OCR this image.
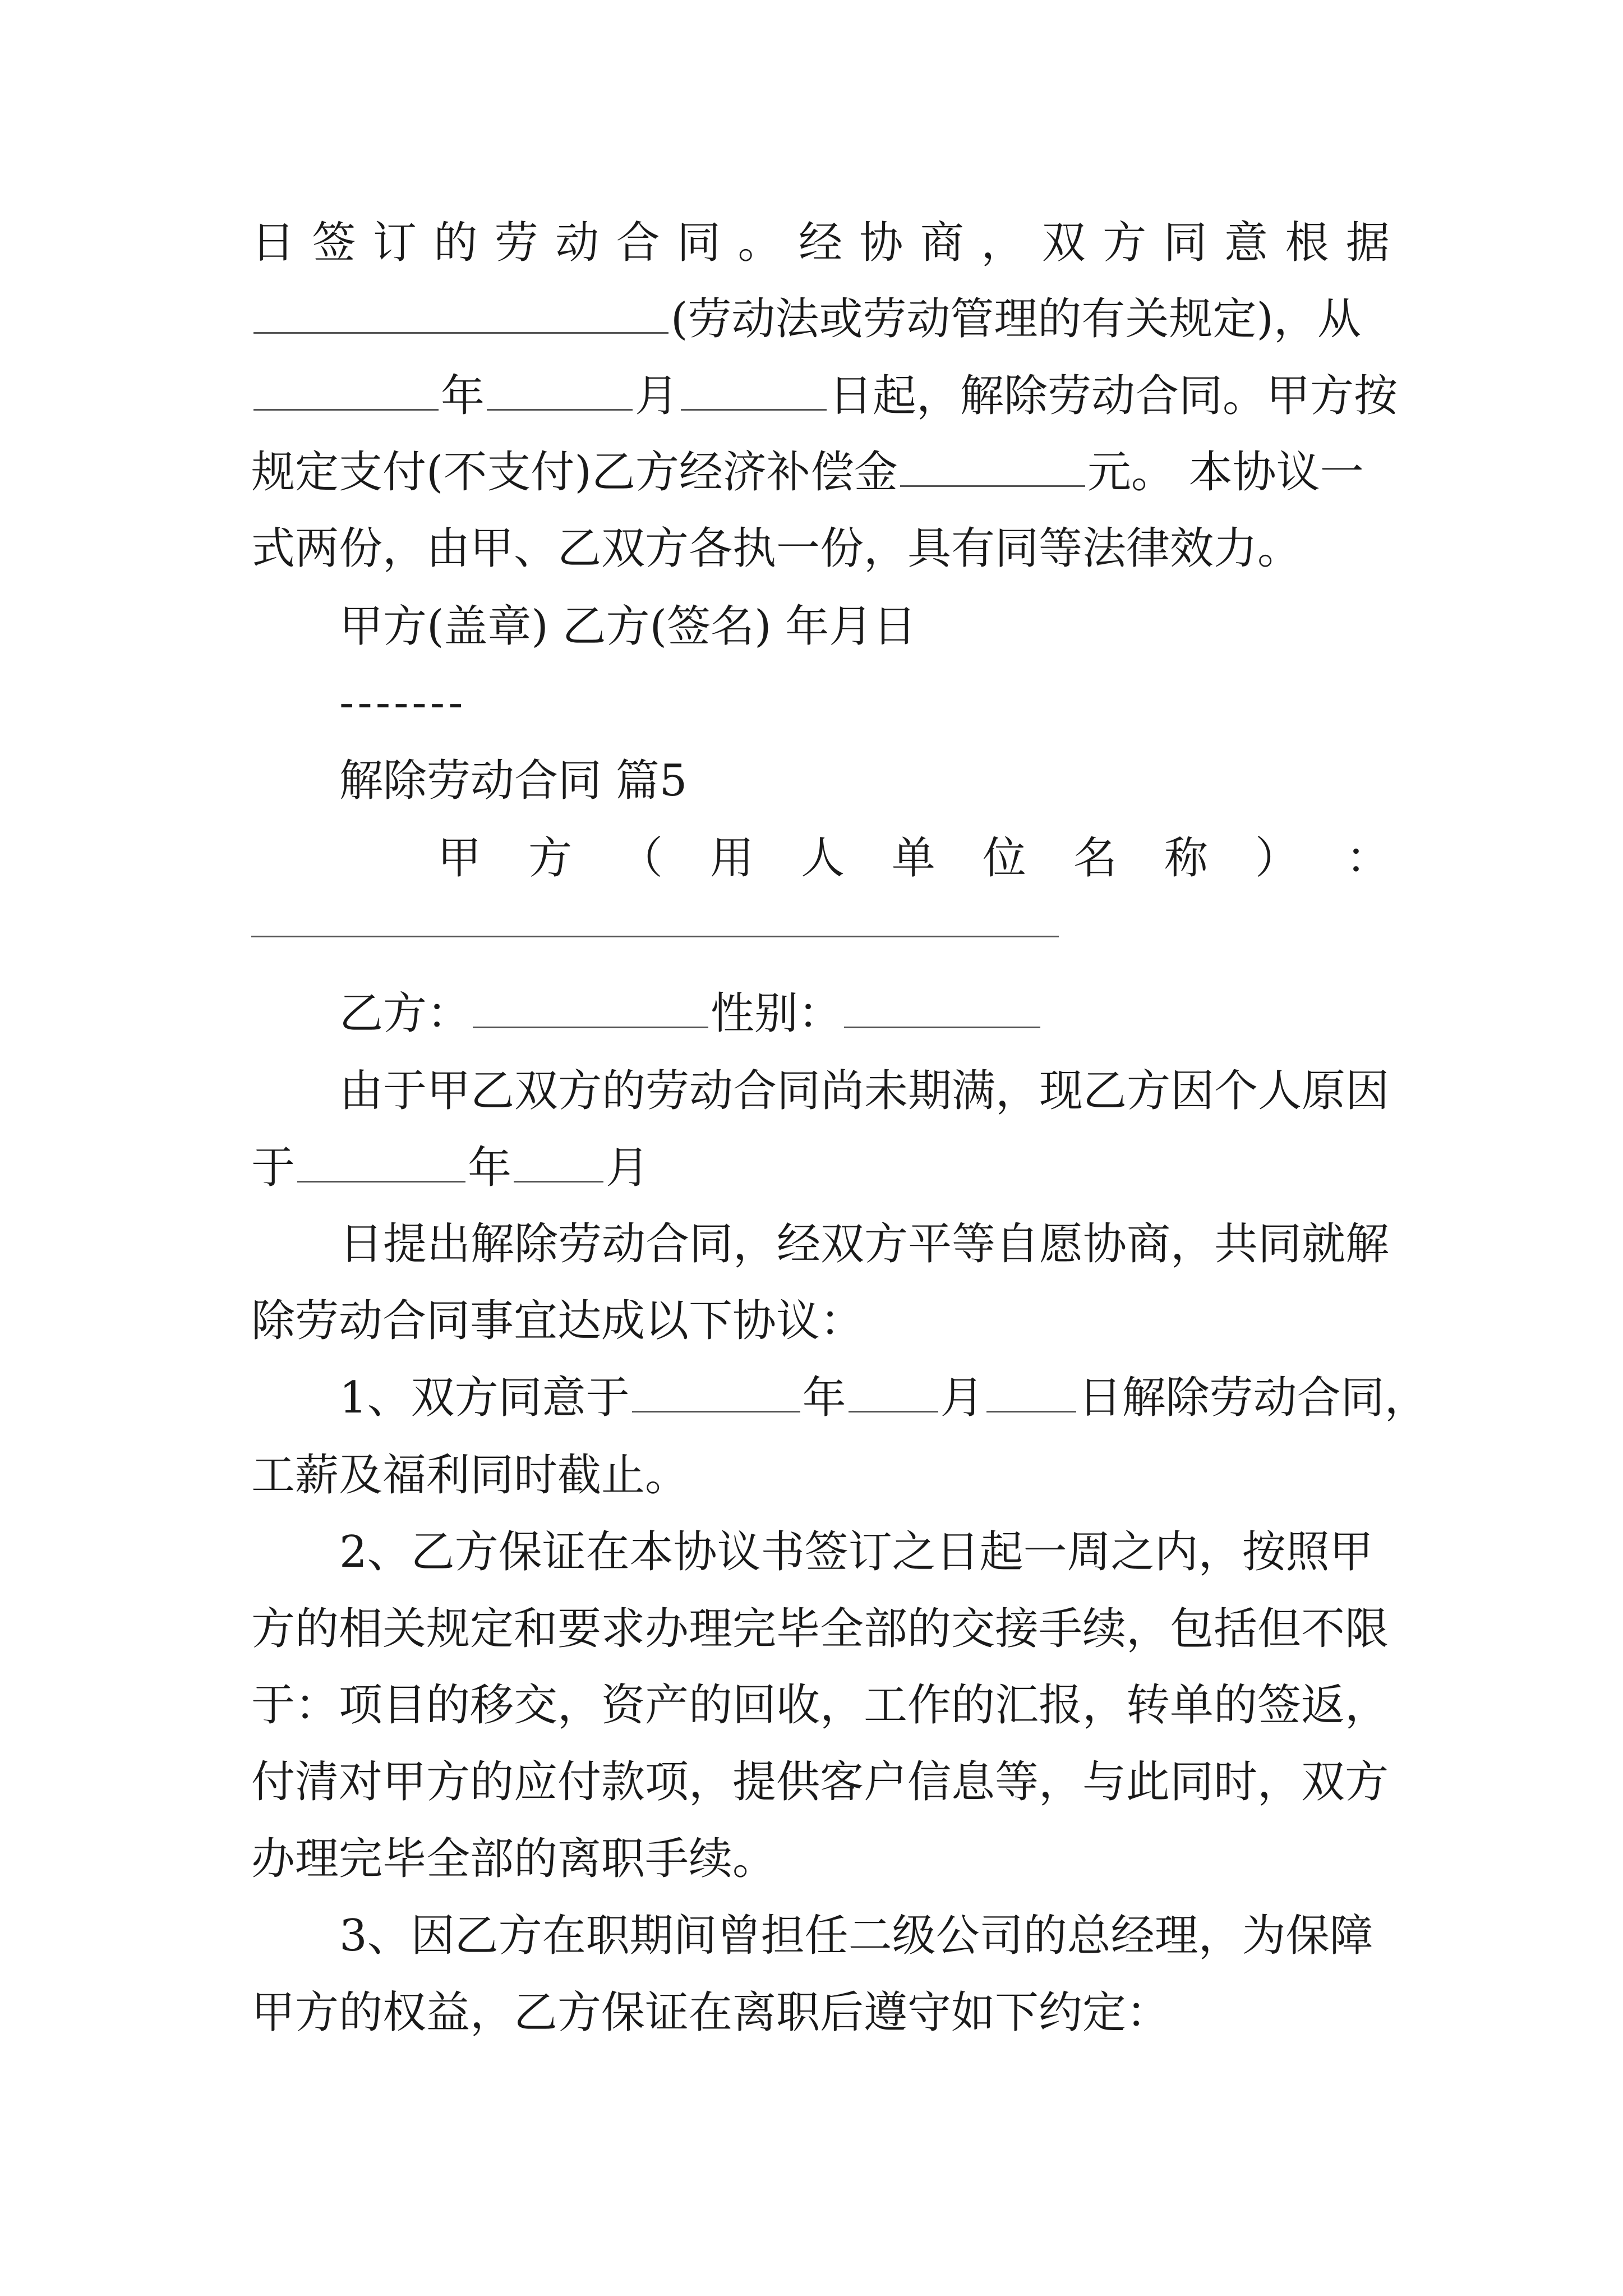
日 签 订 的 劳 动 合 同 。 经 协 商 ， 双 方 同 意 根 据
(劳动法或劳动管理的有关规定)，从
年	月	日起，解除劳动合同。甲方按
规定支付(不支付)乙方经济补偿金	元。 本协议一
式两份，由甲、乙双方各执一份，具有同等法律效力。
甲方(盖章) 乙方(签名) 年月日
-------
解除劳动合同 篇5
甲 方 （ 用 人 单 位 名 称 ） ：
乙方：	性别：
由于甲乙双方的劳动合同尚未期满，现乙方因个人原因
于	年 月
日提出解除劳动合同，经双方平等自愿协商，共同就解
除劳动合同事宜达成以下协议：
1、双方同意于	年 月 日解除劳动合同，
工薪及福利同时截止。
2、乙方保证在本协议书签订之日起一周之内，按照甲
方的相关规定和要求办理完毕全部的交接手续，包括但不限
于：项目的移交，资产的回收，工作的汇报，转单的签返，
付清对甲方的应付款项，提供客户信息等，与此同时，双方
办理完毕全部的离职手续。
3、因乙方在职期间曾担任二级公司的总经理，为保障
甲方的权益，乙方保证在离职后遵守如下约定：
